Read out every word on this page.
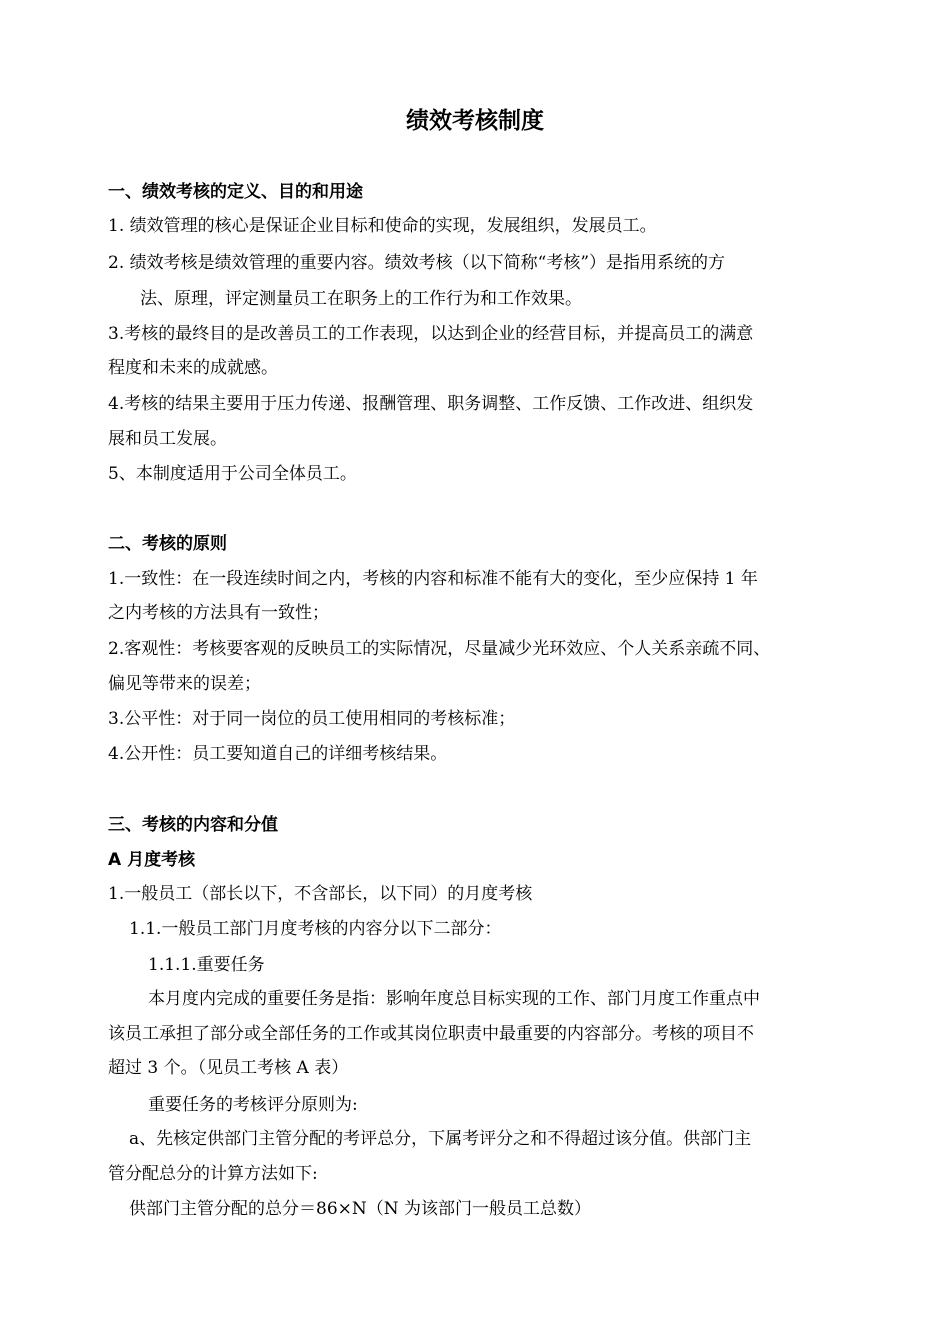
绩效考核制度
一、绩效考核的定义、目的和用途
1. 绩效管理的核心是保证企业目标和使命的实现，发展组织，发展员工。
2. 绩效考核是绩效管理的重要内容。绩效考核（以下简称“考核”）是指用系统的方
法、原理，评定测量员工在职务上的工作行为和工作效果。
3.考核的最终目的是改善员工的工作表现，以达到企业的经营目标，并提高员工的满意
程度和未来的成就感。
4.考核的结果主要用于压力传递、报酬管理、职务调整、工作反馈、工作改进、组织发
展和员工发展。
5、本制度适用于公司全体员工。
二、考核的原则
1.一致性：在一段连续时间之内，考核的内容和标准不能有大的变化，至少应保持 1 年
之内考核的方法具有一致性；
2.客观性：考核要客观的反映员工的实际情况，尽量减少光环效应、个人关系亲疏不同、
偏见等带来的误差；
3.公平性：对于同一岗位的员工使用相同的考核标准；
4.公开性：员工要知道自己的详细考核结果。
三、考核的内容和分值
A 月度考核
1.一般员工（部长以下，不含部长，以下同）的月度考核
1.1.一般员工部门月度考核的内容分以下二部分：
1.1.1.重要任务
本月度内完成的重要任务是指：影响年度总目标实现的工作、部门月度工作重点中
该员工承担了部分或全部任务的工作或其岗位职责中最重要的内容部分。考核的项目不
超过 3 个。（见员工考核 A 表）
重要任务的考核评分原则为:
a、先核定供部门主管分配的考评总分，下属考评分之和不得超过该分值。供部门主
管分配总分的计算方法如下:
供部门主管分配的总分＝86×N（N 为该部门一般员工总数）
